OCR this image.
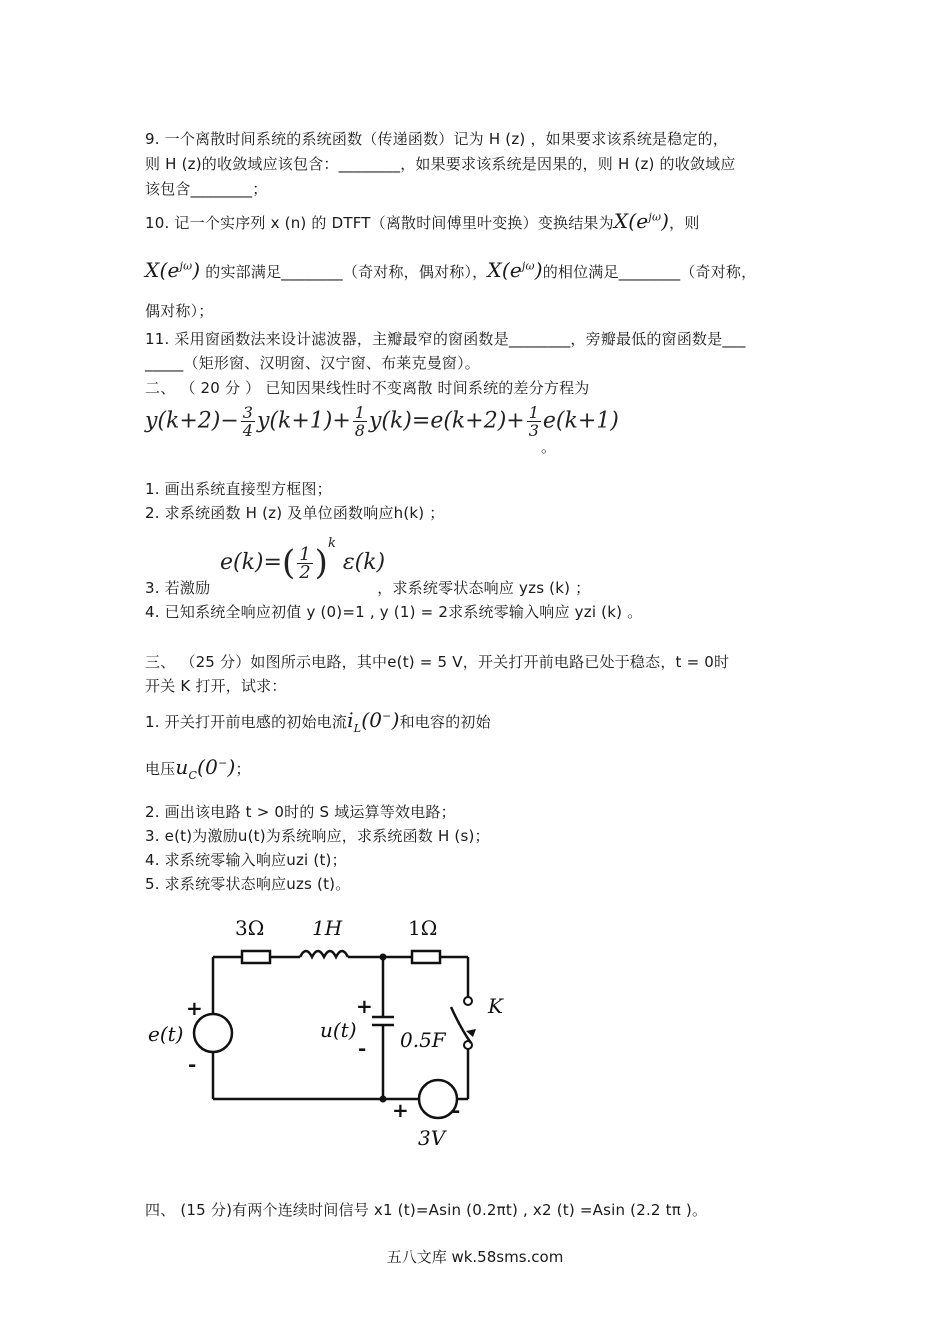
9. 一个离散时间系统的系统函数（传递函数）记为 H (z) ，如果要求该系统是稳定的，
则 H (z)的收敛域应该包含：________，如果要求该系统是因果的，则 H (z) 的收敛域应
该包含________；
10. 记一个实序列 x (n) 的 DTFT（离散时间傅里叶变换）变换结果为$X(e^{j\omega})$，则
$X(e^{j\omega})$ 的实部满足________（奇对称，偶对称），$X(e^{j\omega})$的相位满足________（奇对称，
偶对称）；
11. 采用窗函数法来设计滤波器，主瓣最窄的窗函数是________，旁瓣最低的窗函数是___
_____（矩形窗、汉明窗、汉宁窗、布莱克曼窗）。
二、 （ 20 分 ） 已知因果线性时不变离散 时间系统的差分方程为
$y(k+2)- \frac{3}{4} y(k+1)+ \frac{1}{8} y(k)=e(k+2)+ \frac{1}{3} e(k+1)$
。
1. 画出系统直接型方框图；
2. 求系统函数 H (z) 及单位函数响应h(k) ；
$e(k)=( \frac{1}{2} )^k$ ε(k)
3. 若激励	，求系统零状态响应 yzs (k) ；
4. 已知系统全响应初值 y (0)=1 , y (1) = 2求系统零输入响应 yzi (k) 。
三、 （25 分）如图所示电路，其中e(t) = 5 V，开关打开前电路已处于稳态，t = 0时
开关 K 打开，试求：
1. 开关打开前电感的初始电流$i_L(0^-)$和电容的初始
电压$u_C(0^-)$；
2. 画出该电路 t > 0时的 S 域运算等效电路；
3. e(t)为激励u(t)为系统响应，求系统函数 H (s)；
4. 求系统零输入响应uzi (t)；
5. 求系统零状态响应uzs (t)。
3Ω 1H	1Ω
e(t)	u(t) 0.5F
K
3V
+
-
+
-
+ -
四、 (15 分)有两个连续时间信号 x1 (t)=Asin (0.2πt) , x2 (t) =Asin (2.2 tπ )。
五八文库 wk.58sms.com
